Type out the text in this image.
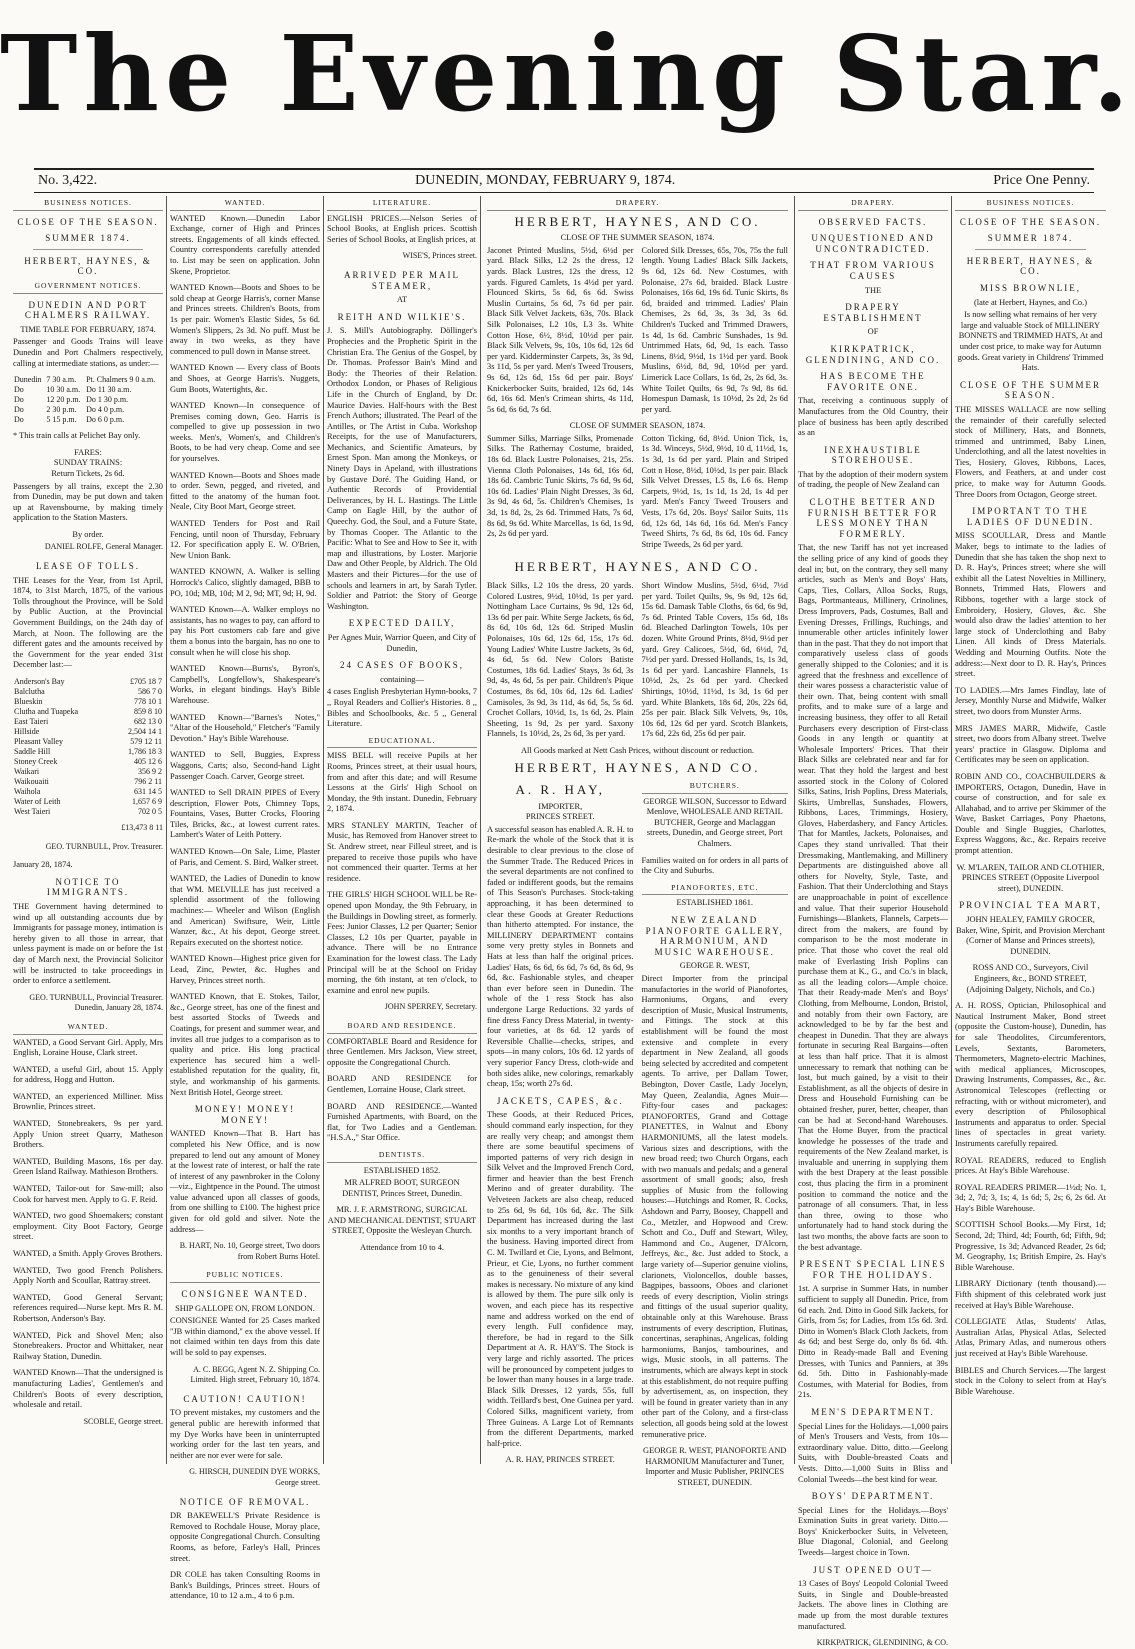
The Evening Star.
No. 3,422.	DUNEDIN, MONDAY, FEBRUARY 9, 1874.	Price One Penny.
BUSINESS NOTICES.
CLOSE OF THE SEASON.
SUMMER 1874.
HERBERT, HAYNES, & CO.
GOVERNMENT NOTICES.
DUNEDIN AND PORT CHALMERS RAILWAY.
TIME TABLE FOR FEBRUARY, 1874.
Passenger and Goods Trains will leave Dunedin and Port Chalmers respectively, calling at intermediate stations, as under:—
Dunedin	7 30 a.m.	Pt. Chalmers 9 0 a.m.
Do	10 30 a.m.	Do 11 30 a.m.
Do	12 20 p.m.	Do 1 30 p.m.
Do	2 30 p.m.	Do 4 0 p.m.
Do	5 15 p.m.	Do 6 0 p.m.
* This train calls at Pelichet Bay only.
FARES:
SUNDAY TRAINS:
Return Tickets, 2s 6d.
Passengers by all trains, except the 2.30 from Dunedin, may be put down and taken up at Ravensbourne, by making timely application to the Station Masters.
By order.
DANIEL ROLFE, General Manager.
LEASE OF TOLLS.
THE Leases for the Year, from 1st April, 1874, to 31st March, 1875, of the various Tolls throughout the Province, will be Sold by Public Auction, at the Provincial Government Buildings, on the 24th day of March, at Noon. The following are the different gates and the amounts received by the Government for the year ended 31st December last:—
Anderson's Bay	£705 18 7
Balclutha	586 7 0
Blueskin	778 10 1
Clutha and Tuapeka	859 8 10
East Taieri	682 13 0
Hillside	2,504 14 1
Pleasant Valley	579 12 11
Saddle Hill	1,786 18 3
Stoney Creek	405 12 6
Waikari	356 9 2
Waikouaiti	796 2 11
Waihola	631 14 5
Water of Leith	1,657 6 9
West Taieri	702 0 5
£13,473 8 11
GEO. TURNBULL, Prov. Treasurer.
January 28, 1874.
NOTICE TO IMMIGRANTS.
THE Government having determined to wind up all outstanding accounts due by Immigrants for passage money, intimation is hereby given to all those in arrear, that unless payment is made on or before the 1st day of March next, the Provincial Solicitor will be instructed to take proceedings in order to enforce a settlement.
GEO. TURNBULL, Provincial Treasurer. Dunedin, January 28, 1874.
WANTED.
WANTED, a Good Servant Girl. Apply, Mrs English, Loraine House, Clark street.
WANTED, a useful Girl, about 15. Apply for address, Hogg and Hutton.
WANTED, an experienced Milliner. Miss Brownlie, Princes street.
WANTED, Stonebreakers, 9s per yard. Apply Union street Quarry, Matheson Brothers.
WANTED, Building Masons, 16s per day. Green Island Railway. Mathieson Brothers.
WANTED, Tailor-out for Saw-mill; also Cook for harvest men. Apply to G. F. Reid.
WANTED, two good Shoemakers; constant employment. City Boot Factory, George street.
WANTED, a Smith. Apply Groves Brothers.
WANTED, Two good French Polishers. Apply North and Scoullar, Rattray street.
WANTED, Good General Servant; references required—Nurse kept. Mrs R. M. Robertson, Anderson's Bay.
WANTED, Pick and Shovel Men; also Stonebreakers. Proctor and Whittaker, near Railway Station, Dunedin.
WANTED Known—That the undersigned is manufacturing Ladies', Gentlemen's and Children's Boots of every description, wholesale and retail.
SCOBLE, George street.
WANTED.
WANTED Known.—Dunedin Labor Exchange, corner of High and Princes streets. Engagements of all kinds effected. Country correspondents carefully attended to. List may be seen on application. John Skene, Proprietor.
WANTED Known—Boots and Shoes to be sold cheap at George Harris's, corner Manse and Princes streets. Children's Boots, from 1s per pair. Women's Elastic Sides, 5s 6d. Women's Slippers, 2s 3d. No puff. Must be away in two weeks, as they have commenced to pull down in Manse street.
WANTED Known — Every class of Boots and Shoes, at George Harris's. Nuggets, Gum Boots, Watertights, &c.
WANTED Known—In consequence of Premises coming down, Geo. Harris is compelled to give up possession in two weeks. Men's, Women's, and Children's Boots, to be had very cheap. Come and see for yourselves.
WANTED Known—Boots and Shoes made to order. Sewn, pegged, and riveted, and fitted to the anatomy of the human foot. Neale, City Boot Mart, George street.
WANTED Tenders for Post and Rail Fencing, until noon of Thursday, February 12. For specification apply E. W. O'Brien, New Union Bank.
WANTED KNOWN, A. Walker is selling Horrock's Calico, slightly damaged, BBB to PO, 10d; MB, 10d; M 2, 9d; MT, 9d; H, 9d.
WANTED Known—A. Walker employs no assistants, has no wages to pay, can afford to pay his Port customers cab fare and give them a bonus into the bargain, has no one to consult when he will close his shop.
WANTED Known—Burns's, Byron's, Campbell's, Longfellow's, Shakespeare's Works, in elegant bindings. Hay's Bible Warehouse.
WANTED Known—"Barnes's Notes," "Altar of the Household," Fletcher's "Family Devotion." Hay's Bible Warehouse.
WANTED to Sell, Buggies, Express Waggons, Carts; also, Second-hand Light Passenger Coach. Carver, George street.
WANTED to Sell DRAIN PIPES of Every description, Flower Pots, Chimney Tops, Fountains, Vases, Butter Crocks, Flooring Tiles, Bricks, &c., at lowest current rates. Lambert's Water of Leith Pottery.
WANTED Known—On Sale, Lime, Plaster of Paris, and Cement. S. Bird, Walker street.
WANTED, the Ladies of Dunedin to know that WM. MELVILLE has just received a splendid assortment of the following machines:— Wheeler and Wilson (English and American) Swiftsure, Weir, Little Wanzer, &c., At his depot, George street. Repairs executed on the shortest notice.
WANTED Known—Highest price given for Lead, Zinc, Pewter, &c. Hughes and Harvey, Princes street north.
WANTED Known, that E. Stokes, Tailor, &c., George street, has one of the finest and best assorted Stocks of Tweeds and Coatings, for present and summer wear, and invites all true judges to a comparison as to quality and price. His long practical experience has secured him a well-established reputation for the quality, fit, style, and workmanship of his garments. Next British Hotel, George street.
MONEY! MONEY! MONEY!
WANTED Known—That B. Hart has completed his New Office, and is now prepared to lend out any amount of Money at the lowest rate of interest, or half the rate of interest of any pawnbroker in the Colony—viz., Eightpence in the Pound. The utmost value advanced upon all classes of goods, from one shilling to £100. The highest price given for old gold and silver. Note the address—
B. HART, No. 10, George street, Two doors from Robert Burns Hotel.
PUBLIC NOTICES.
CONSIGNEE WANTED.
SHIP GALLOPE ON, FROM LONDON.
CONSIGNEE Wanted for 25 Cases marked "JB within diamond," ex the above vessel. If not claimed within ten days from this date will be sold to pay expenses.
A. C. BEGG, Agent N. Z. Shipping Co. Limited. High street, February 10, 1874.
CAUTION! CAUTION!
TO prevent mistakes, my customers and the general public are herewith informed that my Dye Works have been in uninterrupted working order for the last ten years, and neither are nor ever were for sale.
G. HIRSCH, DUNEDIN DYE WORKS, George street.
NOTICE OF REMOVAL.
DR BAKEWELL'S Private Residence is Removed to Rochdale House, Moray place, opposite Congregational Church. Consulting Rooms, as before, Farley's Hall, Princes street.
DR COLE has taken Consulting Rooms in Bank's Buildings, Princes street. Hours of attendance, 10 to 12 a.m., 4 to 6 p.m.
LITERATURE.
ENGLISH PRICES.—Nelson Series of School Books, at English prices. Scottish Series of School Books, at English prices, at
WISE'S, Princes street.
ARRIVED PER MAIL STEAMER,
AT
REITH AND WILKIE'S.
J. S. Mill's Autobiography. Döllinger's Prophecies and the Prophetic Spirit in the Christian Era. The Genius of the Gospel, by Dr. Thomas. Professor Bain's Mind and Body: the Theories of their Relation. Orthodox London, or Phases of Religious Life in the Church of England, by Dr. Maurice Davies. Half-hours with the Best French Authors; illustrated. The Pearl of the Antilles, or The Artist in Cuba. Workshop Receipts, for the use of Manufacturers, Mechanics, and Scientific Amateurs, by Ernest Spon. Man among the Monkeys, or Ninety Days in Apeland, with illustrations by Gustave Doré. The Guiding Hand, or Authentic Records of Providential Deliverances, by H. L. Hastings. The Little Camp on Eagle Hill, by the author of Queechy. God, the Soul, and a Future State, by Thomas Cooper. The Atlantic to the Pacific: What to See and How to See it, with map and illustrations, by Loster. Marjorie Daw and Other People, by Aldrich. The Old Masters and their Pictures—for the use of schools and learners in art, by Sarah Tytler. Soldier and Patriot: the Story of George Washington.
EXPECTED DAILY,
Per Agnes Muir, Warrior Queen, and City of Dunedin,
24 CASES OF BOOKS,
containing—
4 cases English Presbyterian Hymn-books, 7 ,, Royal Readers and Collier's Histories. 8 ,, Bibles and Schoolbooks, &c. 5 ,, General Literature.
EDUCATIONAL.
MISS BELL will receive Pupils at her Rooms, Princes street, at their usual hours, from and after this date; and will Resume Lessons at the Girls' High School on Monday, the 9th instant. Dunedin, February 2, 1874.
MRS STANLEY MARTIN, Teacher of Music, has Removed from Hanover street to St. Andrew street, near Filleul street, and is prepared to receive those pupils who have not commenced their quarter. Terms at her residence.
THE GIRLS' HIGH SCHOOL WILL be Re-opened upon Monday, the 9th February, in the Buildings in Dowling street, as formerly. Fees: Junior Classes, L2 per Quarter; Senior Classes, L2 10s per Quarter, payable in advance. There will be no Entrance Examination for the lowest class. The Lady Principal will be at the School on Friday morning, the 6th instant, at ten o'clock, to examine and enrol new pupils.
JOHN SPERREY, Secretary.
BOARD AND RESIDENCE.
COMFORTABLE Board and Residence for three Gentlemen. Mrs Jackson, View street, opposite the Congregational Church.
BOARD AND RESIDENCE for Gentlemen, Lorraine House, Clark street.
BOARD AND RESIDENCE.—Wanted Furnished Apartments, with Board, on the flat, for Two Ladies and a Gentleman. "H.S.A.," Star Office.
DENTISTS.
ESTABLISHED 1852.
MR ALFRED BOOT, SURGEON DENTIST, Princes Street, Dunedin.
MR. J. F. ARMSTRONG, SURGICAL AND MECHANICAL DENTIST, STUART STREET, Opposite the Wesleyan Church.
Attendance from 10 to 4.
DRAPERY.
HERBERT, HAYNES, AND CO.
CLOSE OF THE SUMMER SEASON, 1874.
Jaconet Printed Muslins, 5½d, 6½d per yard. Black Silks, L2 2s the dress, 12 yards. Black Lustres, 12s the dress, 12 yards. Figured Camlets, 1s 4½d per yard. Flounced Skirts, 5s 6d, 6s 6d. Swiss Muslin Curtains, 5s 6d, 7s 6d per pair. Black Silk Velvet Jackets, 63s, 70s. Black Silk Polonaises, L2 10s, L3 3s. White Cotton Hose, 6½, 8½d, 10½d per pair. Black Silk Velvets, 9s, 10s, 10s 6d, 12s 6d per yard. Kidderminster Carpets, 3s, 3s 9d, 3s 11d, 5s per yard. Men's Tweed Trousers, 9s 6d, 12s 6d, 15s 6d per pair. Boys' Knickerbocker Suits, braided, 12s 6d, 14s 6d, 16s 6d. Men's Crimean shirts, 4s 11d, 5s 6d, 6s 6d, 7s 6d.
Colored Silk Dresses, 65s, 70s, 75s the full length. Young Ladies' Black Silk Jackets, 9s 6d, 12s 6d. New Costumes, with Polonaise, 27s 6d, braided. Black Lustre Polonaises, 16s 6d, 19s 6d. Tunic Skirts, 8s 6d, braided and trimmed. Ladies' Plain Chemises, 2s 6d, 3s, 3s 3d, 3s 6d. Children's Tucked and Trimmed Drawers, 1s 4d, 1s 6d. Cambric Sunshades, 1s 9d. Untrimmed Hats, 6d, 9d, 1s each. Tasso Linens, 8½d, 9½d, 1s 1½d per yard. Book Muslins, 6½d, 8d, 9d, 10½d per yard. Limerick Lace Collars, 1s 6d, 2s, 2s 6d, 3s. White Toilet Quilts, 6s 9d, 7s 9d, 8s 6d. Homespun Damask, 1s 10½d, 2s 2d, 2s 6d per yard.
CLOSE OF SUMMER SEASON, 1874.
Summer Silks, Marriage Silks, Promenade Silks. The Rathernay Costume, braided, 18s 6d. Black Lustre Polonaises, 21s, 25s. Vienna Cloth Polonaises, 14s 6d, 16s 6d, 18s 6d. Cambric Tunic Skirts, 7s 6d, 9s 6d, 10s 6d. Ladies' Plain Night Dresses, 3s 6d, 3s 9d, 4s 6d, 5s. Children's Chemises, 1s 3d, 1s 8d, 2s, 2s 6d. Trimmed Hats, 7s 6d, 8s 6d, 9s 6d. White Marcellas, 1s 6d, 1s 9d, 2s, 2s 6d per yard.
Cotton Ticking, 6d, 8½d. Union Tick, 1s, 1s 3d. Winceys, 5½d, 9½d, 10 d, 11½d, 1s, 1s 3d, 1s 6d per yard. Plain and Striped Cott n Hose, 8½d, 10½d, 1s per pair. Black Silk Velvet Dresses, L5 8s, L6 6s. Hemp Carpets, 9½d, 1s, 1s 1d, 1s 2d, 1s 4d per yard. Men's Fancy Tweed Trousers and Vests, 17s 6d, 20s. Boys' Sailor Suits, 11s 6d, 12s 6d, 14s 6d, 16s 6d. Men's Fancy Tweed Shirts, 7s 6d, 8s 6d, 10s 6d. Fancy Stripe Tweeds, 2s 6d per yard.
HERBERT, HAYNES, AND CO.
Black Silks, L2 10s the dress, 20 yards. Colored Lustres, 9½d, 10½d, 1s per yard. Nottingham Lace Curtains, 9s 9d, 12s 6d, 13s 6d per pair. White Serge Jackets, 6s 6d, 8s 6d, 10s 6d, 12s 6d. Striped Muslin Polonaises, 10s 6d, 12s 6d, 15s, 17s 6d. Young Ladies' White Lustre Jackets, 3s 6d, 4s 6d, 5s 6d. New Colors Batiste Costumes, 18s 6d. Ladies' Stays, 3s 6d, 3s 9d, 4s, 4s 6d, 5s per pair. Children's Pique Costumes, 8s 6d, 10s 6d, 12s 6d. Ladies' Camisoles, 3s 9d, 3s 11d, 4s 6d, 5s, 5s 6d. Crochet Collars, 10½d, 1s, 1s 6d, 2s. Plain Sheeting, 1s 9d, 2s per yard. Saxony Flannels, 1s 10½d, 2s, 2s 6d, 3s per yard.
Short Window Muslins, 5½d, 6½d, 7½d per yard. Toilet Quilts, 9s, 9s 9d, 12s 6d, 15s 6d. Damask Table Cloths, 6s 6d, 6s 9d, 7s 6d. Printed Table Covers, 15s 6d, 18s 6d. Bleached Darlington Towels, 10s per dozen. White Ground Prints, 8½d, 9½d per yard. Grey Calicoes, 5½d, 6d, 6½d, 7d, 7½d per yard. Dressed Hollands, 1s, 1s 3d, 1s 6d per yard. Lancashire Flannels, 1s 10½d, 2s, 2s 6d per yard. Checked Shirtings, 10½d, 11½d, 1s 3d, 1s 6d per yard. White Blankets, 18s 6d, 20s, 22s 6d, 25s per pair. Black Silk Velvets, 9s, 10s, 10s 6d, 12s 6d per yard. Scotch Blankets, 17s 6d, 22s 6d, 25s 6d per pair.
All Goods marked at Nett Cash Prices, without discount or reduction.
HERBERT, HAYNES, AND CO.
A. R. HAY,
IMPORTER,
PRINCES STREET.
A successful season has enabled A. R. H. to Re-mark the whole of the Stock that it is desirable to clear previous to the close of the Summer Trade. The Reduced Prices in the several departments are not confined to faded or indifferent goods, but the remains of This Season's Purchases. Stock-taking approaching, it has been determined to clear these Goods at Greater Reductions than hitherto attempted. For instance, the MILLINERY DEPARTMENT contains some very pretty styles in Bonnets and Hats at less than half the original prices. Ladies' Hats, 6s 6d, 6s 6d, 7s 6d, 8s 6d, 9s 6d, &c. Fashionable styles, and cheaper than ever before seen in Dunedin. The whole of the 1 ress Stock has also undergone Large Reductions. 32 yards of fine dress Fancy Dress Material, in twenty-four varieties, at 8s 6d. 12 yards of Reversible Challie—checks, stripes, and spots—in many colors, 10s 6d. 12 yards of very superior Fancy Dress, cloth-wide and both sides alike, new colorings, remarkably cheap, 15s; worth 27s 6d.
JACKETS, CAPES, &c.
These Goods, at their Reduced Prices, should command early inspection, for they are really very cheap; and amongst them there are some beautiful specimens of imported patterns of very rich design in Silk Velvet and the Improved French Cord, firmer and heavier than the best French Merino and of greater durability. The Velveteen Jackets are also cheap, reduced to 25s 6d, 9s 6d, 10s 6d, &c. The Silk Department has increased during the last six months to a very important branch of the business. Having imported direct from C. M. Twillard et Cie, Lyons, and Belmont, Prieur, et Cie, Lyons, no further comment as to the genuineness of their several makes is necessary. No mixture of any kind is allowed by them. The pure silk only is woven, and each piece has its respective name and address worked on the end of every length. Full confidence may, therefore, be had in regard to the Silk Department at A. R. HAY'S. The Stock is very large and richly assorted. The prices will be pronounced by competent judges to be lower than many houses in a large trade. Black Silk Dresses, 12 yards, 55s, full width. Teillard's best, One Guinea per yard. Colored Silks, magnificent variety, from Three Guineas. A Large Lot of Remnants from the different Departments, marked half-price.
A. R. HAY, PRINCES STREET.
BUTCHERS.
GEORGE WILSON, Successor to Edward Menlove, WHOLESALE AND RETAIL BUTCHER, George and Maclaggan streets, Dunedin, and George street, Port Chalmers.
Families waited on for orders in all parts of the City and Suburbs.
PIANOFORTES, ETC.
ESTABLISHED 1861.
NEW ZEALAND PIANOFORTE GALLERY, HARMONIUM, AND MUSIC WAREHOUSE.
GEORGE R. WEST,
Direct Importer from the principal manufactories in the world of Pianofortes, Harmoniums, Organs, and every description of Music, Musical Instruments, and Fittings. The stock at this establishment will be found the most extensive and complete in every department in New Zealand, all goods being selected by accredited and competent agents. To arrive, per Dallam Tower, Bebington, Dover Castle, Lady Jocelyn, May Queen, Zealandia, Agnes Muir—Fifty-four cases and packages: PIANOFORTES, Grand and Cottage PIANETTES, in Walnut and Ebony HARMONIUMS, all the latest models. Various sizes and descriptions, with the new broad reed; two Church Organs, each with two manuals and pedals; and a general assortment of small goods; also, fresh supplies of Music from the following houses:—Hutchings and Romer, R. Cocks, Ashdown and Parry, Boosey, Chappell and Co., Metzler, and Hopwood and Crew. Schott and Co., Duff and Stewart, Wiley, Hammond and Co., Augener, D'Alcorn, Jeffreys, &c., &c. Just added to Stock, a large variety of—Superior genuine violins, clarionets, Violoncellos, double basses, Bagpipes, bassoons, Oboes and clarionet reeds of every description, Violin strings and fittings of the usual superior quality, obtainable only at this Warehouse. Brass instruments of every description, Flutinas, concertinas, seraphinas, Angelicas, folding harmoniums, Banjos, tambourines, and wigs, Music stools, in all patterns. The instruments, which are always kept in stock at this establishment, do not require puffing by advertisement, as, on inspection, they will be found in greater variety than in any other part of the Colony, and a first-class selection, all goods being sold at the lowest remunerative price.
GEORGE R. WEST, PIANOFORTE AND HARMONIUM Manufacturer and Tuner, Importer and Music Publisher, PRINCES STREET, DUNEDIN.
DRAPERY.
OBSERVED FACTS.
UNQUESTIONED AND UNCONTRADICTED.
THAT FROM VARIOUS CAUSES
THE
DRAPERY ESTABLISHMENT
OF
KIRKPATRICK, GLENDINING, AND CO.
HAS BECOME THE FAVORITE ONE.
That, receiving a continuous supply of Manufactures from the Old Country, their place of business has been aptly described as an
INEXHAUSTIBLE STOREHOUSE.
That by the adoption of their modern system of trading, the people of New Zealand can
CLOTHE BETTER AND FURNISH BETTER FOR LESS MONEY THAN FORMERLY.
That, the new Tariff has not yet increased the selling price of any kind of goods they deal in; but, on the contrary, they sell many articles, such as Men's and Boys' Hats, Caps, Ties, Collars, Alloa Socks, Rugs, Bags, Portmanteaus, Millinery, Crinolines, Dress Improvers, Pads, Costumes, Ball and Evening Dresses, Frillings, Ruchings, and innumerable other articles infinitely lower than in the past. That they do not import that comparatively useless class of goods generally shipped to the Colonies; and it is agreed that the freshness and excellence of their wares possess a characteristic value of their own. That, being content with small profits, and to make sure of a large and increasing business, they offer to all Retail Purchasers every description of First-class Goods in any length or quantity at Wholesale Importers' Prices. That their Black Silks are celebrated near and far for wear. That they hold the largest and best assorted stock in the Colony of Colored Silks, Satins, Irish Poplins, Dress Materials, Skirts, Umbrellas, Sunshades, Flowers, Ribbons, Laces, Trimmings, Hosiery, Gloves, Haberdashery, and Fancy Articles. That for Mantles, Jackets, Polonaises, and Capes they stand unrivalled. That their Dressmaking, Mantlemaking, and Millinery Departments are distinguished above all others for Novelty, Style, Taste, and Fashion. That their Underclothing and Stays are unapproachable in point of excellence and value. That their superior Household Furnishings—Blankets, Flannels, Carpets—direct from the makers, are found by comparison to be the most moderate in price. That those who covet the real old make of Everlasting Irish Poplins can purchase them at K., G., and Co.'s in black, as all the leading colors—Ample choice. That their Ready-made Men's and Boys' Clothing, from Melbourne, London, Bristol, and notably from their own Factory, are acknowledged to be by far the best and cheapest in Dunedin. That they are always fortunate in securing Real Bargains—often at less than half price. That it is almost unnecessary to remark that nothing can be lost, but much gained, by a visit to their Establishment, as all the objects of desire in Dress and Household Furnishing can be obtained fresher, purer, better, cheaper, than can be had at Second-hand Warehouses. That the Home Buyer, from the practical knowledge he possesses of the trade and requirements of the New Zealand market, is invaluable and unerring in supplying them with the best Drapery at the least possible cost, thus placing the firm in a prominent position to command the notice and the patronage of all consumers. That, in less than three, owing to those who unfortunately had to hand stock during the last two months, the above facts are soon to the best advantage.
PRESENT SPECIAL LINES FOR THE HOLIDAYS.
1st. A surprise in Summer Hats, in number sufficient to supply all Dunedin. Price, from 6d each. 2nd. Ditto in Good Silk Jackets, for Girls, from 5s; for Ladies, from 15s 6d. 3rd. Ditto in Women's Black Cloth Jackets, from 4s 6d; and best Serge do, only 8s 6d. 4th. Ditto in Ready-made Ball and Evening Dresses, with Tunics and Panniers, at 39s 6d. 5th. Ditto in Fashionably-made Costumes, with Material for Bodies, from 21s.
MEN'S DEPARTMENT.
Special Lines for the Holidays.—1,000 pairs of Men's Trousers and Vests, from 10s—extraordinary value. Ditto, ditto.—Geelong Suits, with Double-breasted Coats and Vests. Ditto.—1,000 Suits in Bliss and Colonial Tweeds—the best kind for wear.
BOYS' DEPARTMENT.
Special Lines for the Holidays.—Boys' Exmination Suits in great variety. Ditto.—Boys' Knickerbocker Suits, in Velveteen, Blue Diagonal, Colonial, and Geelong Tweeds—largest choice in Town.
JUST OPENED OUT—
13 Cases of Boys' Leopold Colonial Tweed Suits, in Single and Double-breasted Jackets. The above lines in Clothing are made up from the most durable textures manufactured.
KIRKPATRICK, GLENDINING, & CO.
BUSINESS NOTICES.
CLOSE OF THE SEASON.
SUMMER 1874.
HERBERT, HAYNES, & CO.
MISS BROWNLIE,
(late at Herbert, Haynes, and Co.)
Is now selling what remains of her very large and valuable Stock of MILLINERY BONNETS and TRIMMED HATS, At and under cost price, to make way for Autumn goods. Great variety in Childrens' Trimmed Hats.
CLOSE OF THE SUMMER SEASON.
THE MISSES WALLACE are now selling the remainder of their carefully selected stock of Millinery, Hats, and Bonnets, trimmed and untrimmed, Baby Linen, Underclothing, and all the latest novelties in Ties, Hosiery, Gloves, Ribbons, Laces, Flowers, and Feathers, at and under cost price, to make way for Autumn Goods. Three Doors from Octagon, George street.
IMPORTANT TO THE LADIES OF DUNEDIN.
MISS SCOULLAR, Dress and Mantle Maker, begs to intimate to the ladies of Dunedin that she has taken the shop next to D. R. Hay's, Princes street; where she will exhibit all the Latest Novelties in Millinery, Bonnets, Trimmed Hats, Flowers and Ribbons, together with a large stock of Embroidery, Hosiery, Gloves, &c. She would also draw the ladies' attention to her large stock of Underclothing and Baby Linen. All kinds of Dress Materials. Wedding and Mourning Outfits. Note the address:—Next door to D. R. Hay's, Princes street.
TO LADIES.—Mrs James Findlay, late of Jersey, Monthly Nurse and Midwife, Walker street, two doors from Munster Arms.
MRS JAMES MARR, Midwife, Castle street, two doors from Albany street. Twelve years' practice in Glasgow. Diploma and Certificates may be seen on application.
ROBIN AND CO., COACHBUILDERS & IMPORTERS, Octagon, Dunedin, Have in course of construction, and for sale ex Allahabad, and to arrive per Skimmer of the Wave, Basket Carriages, Pony Phaetons, Double and Single Buggies, Charlottes, Express Waggons, &c., &c. Repairs receive prompt attention.
W. M'LAREN, TAILOR AND CLOTHIER, PRINCES STREET (Opposite Liverpool street), DUNEDIN.
PROVINCIAL TEA MART,
JOHN HEALEY, FAMILY GROCER, Baker, Wine, Spirit, and Provision Merchant (Corner of Manse and Princes streets), DUNEDIN.
ROSS AND CO., Surveyors, Civil Engineers, &c., BOND STREET, (Adjoining Dalgety, Nichols, and Co.)
A. H. ROSS, Optician, Philosophical and Nautical Instrument Maker, Bond street (opposite the Custom-house), Dunedin, has for sale Theodolites, Circumferentors, Levels, Sextants, Barometers, Thermometers, Magneto-electric Machines, with medical appliances, Microscopes, Drawing Instruments, Compasses, &c., &c. Astronomical Telescopes (reflecting or refracting, with or without micrometer), and every description of Philosophical Instruments and apparatus to order. Special lines of spectacles in great variety. Instruments carefully repaired.
ROYAL READERS, reduced to English prices. At Hay's Bible Warehouse.
ROYAL READERS PRIMER—1½d; No. 1, 3d; 2, 7d; 3, 1s; 4, 1s 6d; 5, 2s; 6, 2s 6d. At Hay's Bible Warehouse.
SCOTTISH School Books.—My First, 1d; Second, 2d; Third, 4d; Fourth, 6d; Fifth, 9d; Progressive, 1s 3d; Advanced Reader, 2s 6d; M. Geography, 1s; British Empire, 2s. Hay's Bible Warehouse.
LIBRARY Dictionary (tenth thousand).—Fifth shipment of this celebrated work just received at Hay's Bible Warehouse.
COLLEGIATE Atlas, Students' Atlas, Australian Atlas, Physical Atlas, Selected Atlas, Primary Atlas, and numerous others just received at Hay's Bible Warehouse.
BIBLES and Church Services.—The largest stock in the Colony to select from at Hay's Bible Warehouse.
